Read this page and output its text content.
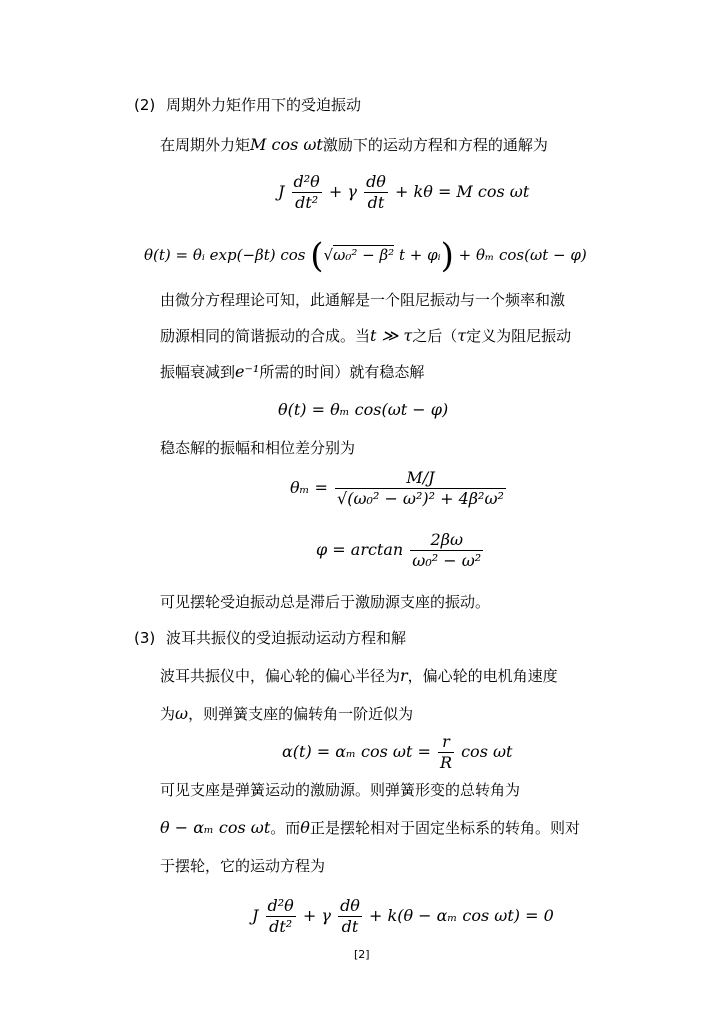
(2) 周期外力矩作用下的受迫振动
在周期外力矩M cos ωt激励下的运动方程和方程的通解为
J $\frac{\text{d²θ}}{\text{dt²}} + \gamma \frac{d\theta}{dt} + k\theta = M$ cos ωt
θ(t) = θᵢ exp(−βt) cos (√ω₀² − β² t + φᵢ) + θₘ cos(ωt − φ)
由微分方程理论可知，此通解是一个阻尼振动与一个频率和激
励源相同的简谐振动的合成。当t ≫ τ之后（τ定义为阻尼振动
振幅衰减到e⁻¹所需的时间）就有稳态解
θ(t) = θₘ cos(ωt − φ)
稳态解的振幅和相位差分别为
$\theta_m = \frac{M/J}{\text{√(ω₀² − ω²)² + 4β²ω²}}$
$\varphi = \arctan \frac{2\beta\omega}{\text{ω₀² − ω²}}$
可见摆轮受迫振动总是滞后于激励源支座的振动。
(3) 波耳共振仪的受迫振动运动方程和解
波耳共振仪中，偏心轮的偏心半径为r，偏心轮的电机角速度
为ω，则弹簧支座的偏转角一阶近似为
α(t) = αₘ $\cos \omega t = \frac{r}{R}$ cos ωt
可见支座是弹簧运动的激励源。则弹簧形变的总转角为
θ − αₘ cos ωt。而θ正是摆轮相对于固定坐标系的转角。则对
于摆轮，它的运动方程为
J $\frac{\text{d²θ}}{\text{dt²}} + \gamma \frac{d\theta}{dt} + k(\theta - \alpha_m$ cos ωt) = 0
[2]
